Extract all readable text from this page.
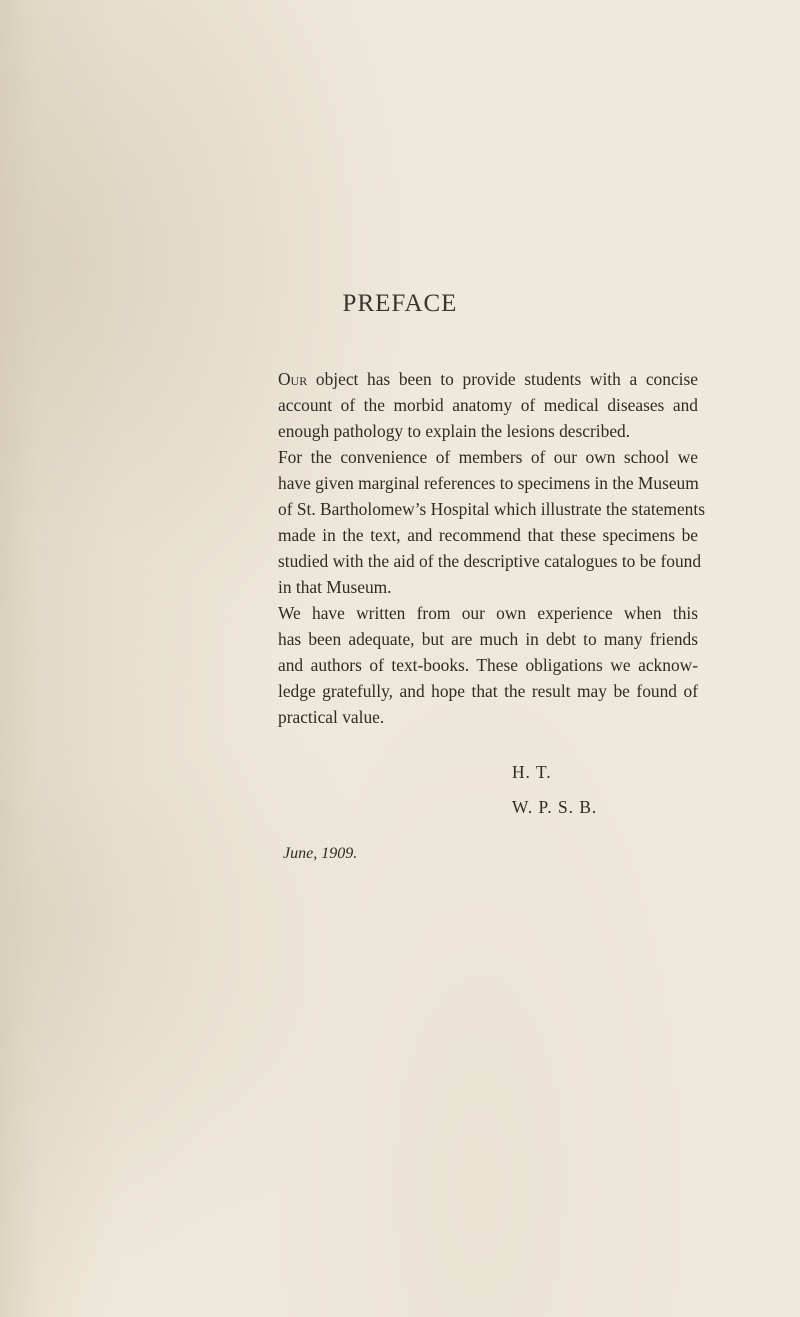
PREFACE
Our object has been to provide students with a concise
account of the morbid anatomy of medical diseases and
enough pathology to explain the lesions described.
For the convenience of members of our own school we
have given marginal references to specimens in the Museum
of St. Bartholomew’s Hospital which illustrate the statements
made in the text, and recommend that these specimens be
studied with the aid of the descriptive catalogues to be found
in that Museum.
We have written from our own experience when this
has been adequate, but are much in debt to many friends
and authors of text-books. These obligations we acknow-
ledge gratefully, and hope that the result may be found of
practical value.
H. T.
W. P. S. B.
June, 1909.
